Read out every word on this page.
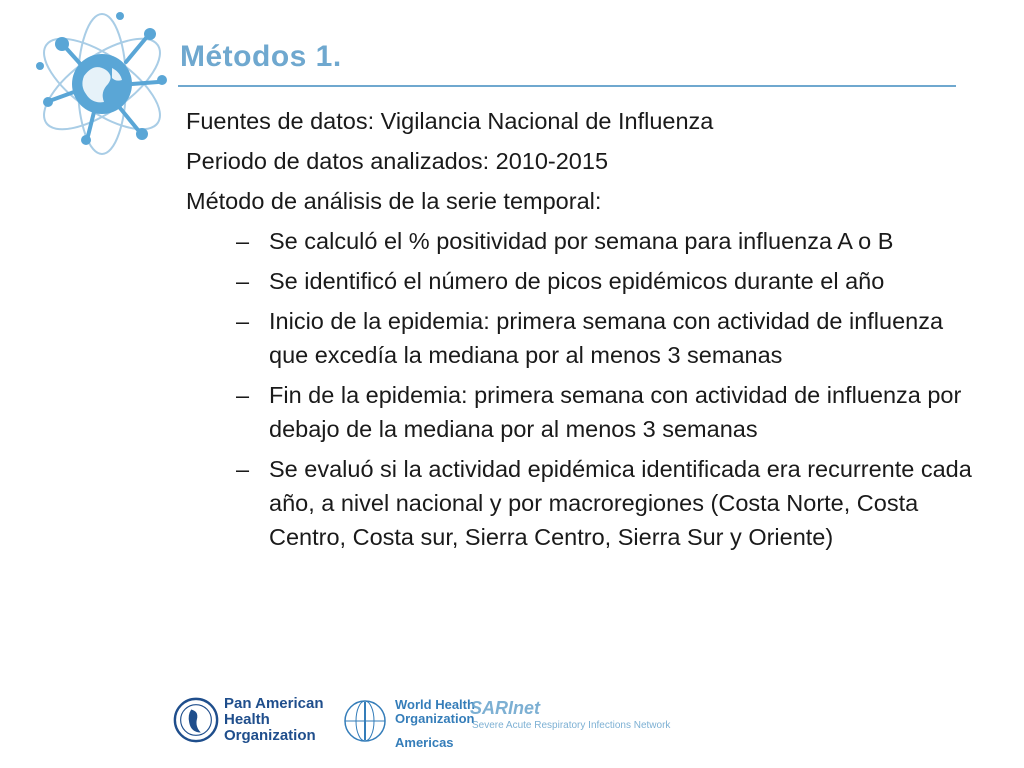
Métodos 1.

Fuentes de datos: Vigilancia Nacional de Influenza

Periodo de datos analizados: 2010-2015

Método de análisis de la serie temporal:

– Se calculó el % positividad por semana para influenza A o B
– Se identificó el número de picos epidémicos durante el año
– Inicio de la epidemia: primera semana con actividad de influenza que excedía la mediana por al menos 3 semanas
– Fin de la epidemia: primera semana con actividad de influenza por debajo de la mediana por al menos 3 semanas
– Se evaluó si la actividad epidémica identificada era recurrente cada año, a nivel nacional y por macroregiones (Costa Norte, Costa Centro, Costa sur, Sierra Centro, Sierra Sur y Oriente)
Pan American
Health
Organization
World Health
Organization
Americas
SARInet
Severe Acute Respiratory Infections Network
